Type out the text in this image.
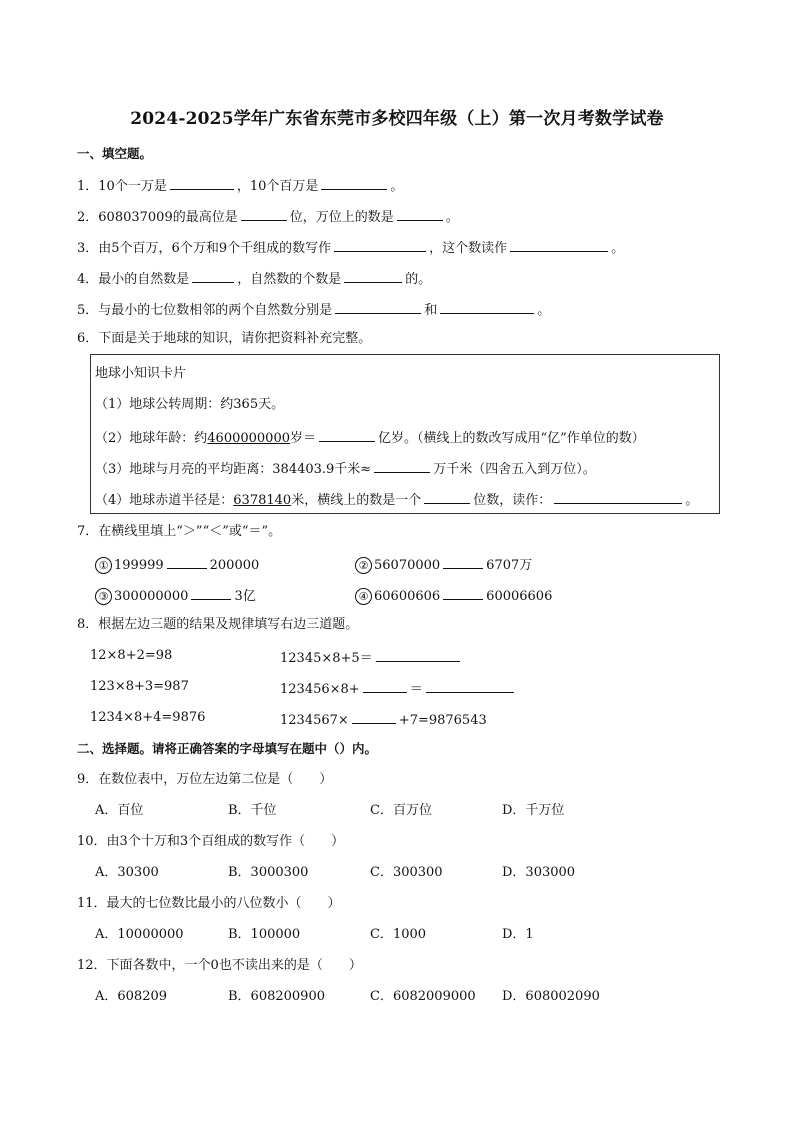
2024-2025学年广东省东莞市多校四年级（上）第一次月考数学试卷
一、填空题。
1．10个一万是	，10个百万是	。
2．608037009的最高位是	位，万位上的数是	。
3．由5个百万，6个万和9个千组成的数写作	，这个数读作	。
4．最小的自然数是	，自然数的个数是	的。
5．与最小的七位数相邻的两个自然数分别是	和	。
6．下面是关于地球的知识，请你把资料补充完整。
地球小知识卡片
（1）地球公转周期：约365天。
（2）地球年龄：约4600000000岁＝	亿岁。（横线上的数改写成用“亿”作单位的数）
（3）地球与月亮的平均距离：384403.9千米≈	万千米（四舍五入到万位）。
（4）地球赤道半径是：6378140米，横线上的数是一个	位数，读作：	。
7．在横线里填上“＞”“＜”或“＝”。
① 199999	200000	② 56070000	6707万
③ 300000000	3亿	④ 60600606	60006606
8．根据左边三题的结果及规律填写右边三道题。
12×8+2=98
123×8+3=987
1234×8+4=9876
12345×8+5＝
123456×8+	＝
1234567×	+7=9876543
二、选择题。请将正确答案的字母填写在题中（）内。
9．在数位表中，万位左边第二位是（　　）
A．百位	B．千位	C．百万位	D．千万位
10．由3个十万和3个百组成的数写作（　　）
A．30300	B．3000300	C．300300	D．303000
11．最大的七位数比最小的八位数小（　　）
A．10000000	B．100000	C．1000	D．1
12．下面各数中，一个0也不读出来的是（　　）
A．608209	B．608200900	C．6082009000 D．608002090
